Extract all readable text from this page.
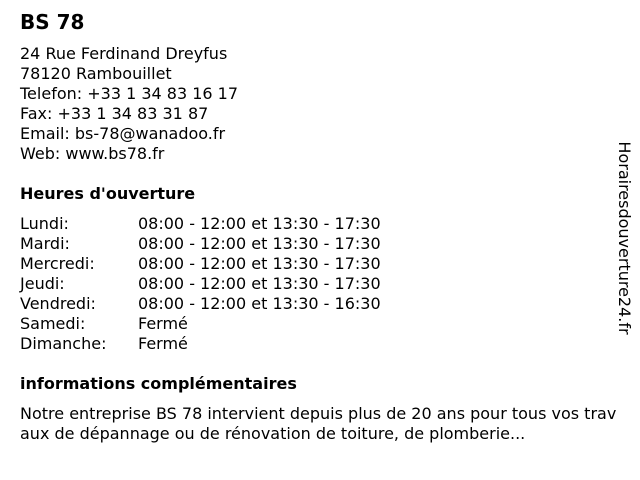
BS 78
24 Rue Ferdinand Dreyfus
78120 Rambouillet
Telefon: +33 1 34 83 16 17
Fax: +33 1 34 83 31 87
Email: bs-78@wanadoo.fr
Web: www.bs78.fr
Heures d'ouverture
Lundi:	08:00 - 12:00 et 13:30 - 17:30
Mardi:	08:00 - 12:00 et 13:30 - 17:30
Mercredi:	08:00 - 12:00 et 13:30 - 17:30
Jeudi:	08:00 - 12:00 et 13:30 - 17:30
Vendredi:	08:00 - 12:00 et 13:30 - 16:30
Samedi:	Fermé
Dimanche:	Fermé
informations complémentaires

Notre entreprise BS 78 intervient depuis plus de 20 ans pour tous vos travaux de dépannage ou de rénovation de toiture, de plomberie...

Horairesdouverture24.fr
